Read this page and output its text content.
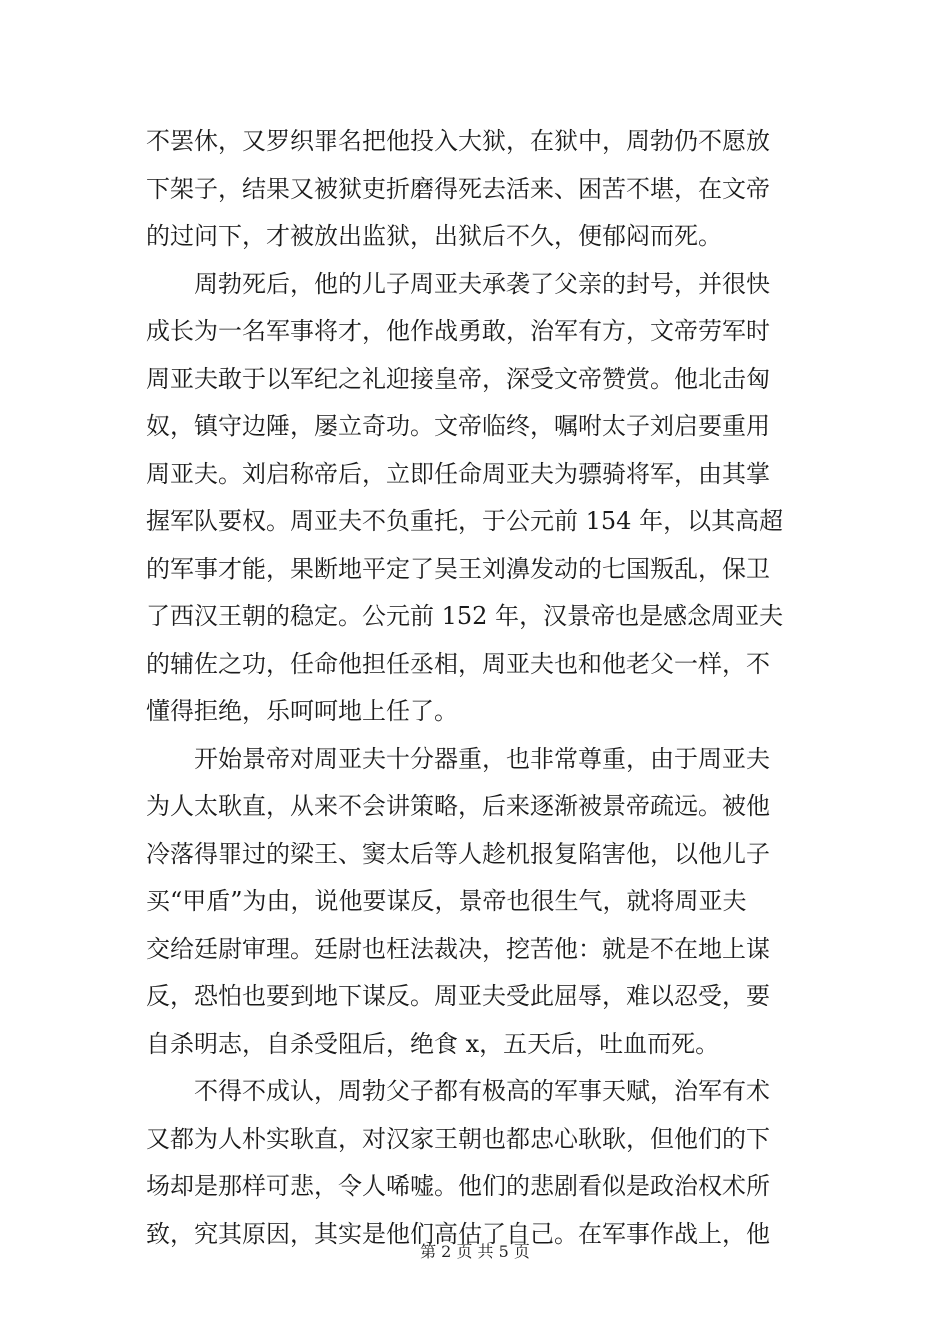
不罢休，又罗织罪名把他投入大狱，在狱中，周勃仍不愿放
下架子，结果又被狱吏折磨得死去活来、困苦不堪，在文帝
的过问下，才被放出监狱，出狱后不久，便郁闷而死。
　　周勃死后，他的儿子周亚夫承袭了父亲的封号，并很快
成长为一名军事将才，他作战勇敢，治军有方，文帝劳军时
周亚夫敢于以军纪之礼迎接皇帝，深受文帝赞赏。他北击匈
奴，镇守边陲，屡立奇功。文帝临终，嘱咐太子刘启要重用
周亚夫。刘启称帝后，立即任命周亚夫为骠骑将军，由其掌
握军队要权。周亚夫不负重托，于公元前 154 年，以其高超
的军事才能，果断地平定了吴王刘濞发动的七国叛乱，保卫
了西汉王朝的稳定。公元前 152 年，汉景帝也是感念周亚夫
的辅佐之功，任命他担任丞相，周亚夫也和他老父一样，不
懂得拒绝，乐呵呵地上任了。
　　开始景帝对周亚夫十分器重，也非常尊重，由于周亚夫
为人太耿直，从来不会讲策略，后来逐渐被景帝疏远。被他
冷落得罪过的梁王、窦太后等人趁机报复陷害他，以他儿子
买“甲盾”为由，说他要谋反，景帝也很生气，就将周亚夫
交给廷尉审理。廷尉也枉法裁决，挖苦他：就是不在地上谋
反，恐怕也要到地下谋反。周亚夫受此屈辱，难以忍受，要
自杀明志，自杀受阻后，绝食 x，五天后，吐血而死。
　　不得不成认，周勃父子都有极高的军事天赋，治军有术
又都为人朴实耿直，对汉家王朝也都忠心耿耿，但他们的下
场却是那样可悲，令人唏嘘。他们的悲剧看似是政治权术所
致，究其原因，其实是他们高估了自己。在军事作战上，他
第 2 页 共 5 页
